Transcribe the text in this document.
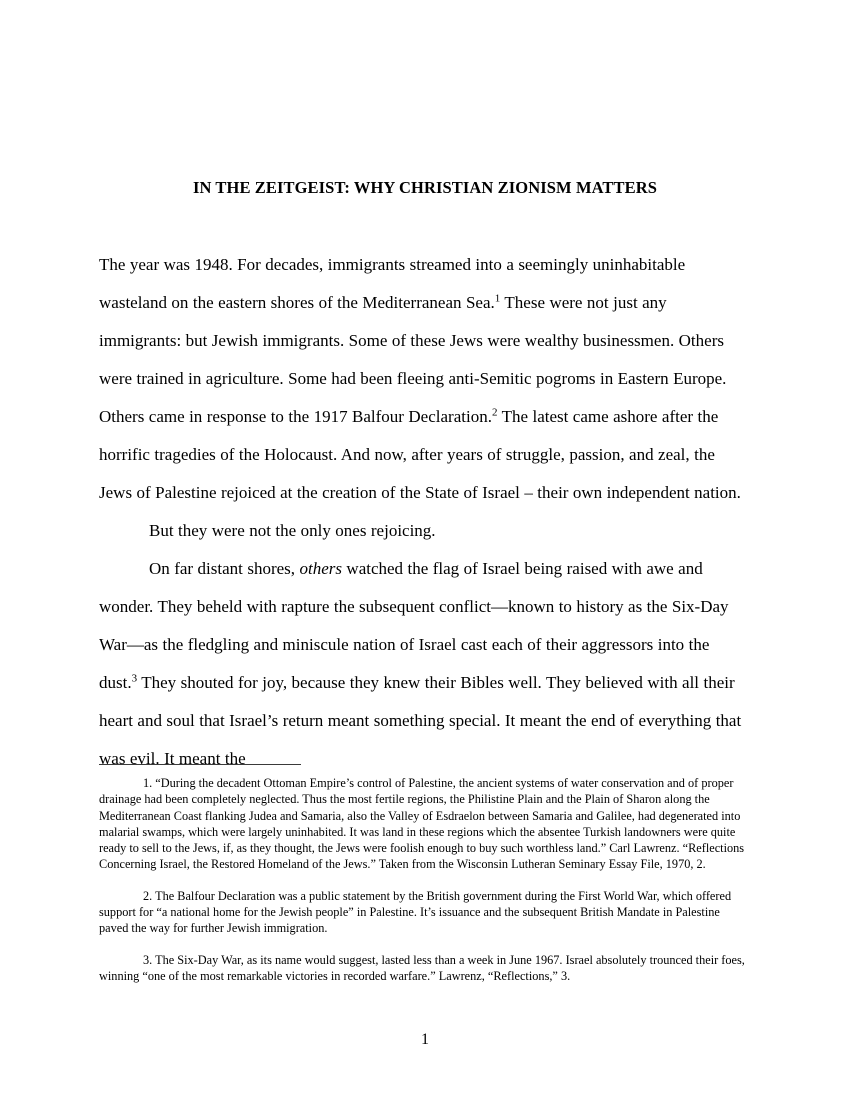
IN THE ZEITGEIST: WHY CHRISTIAN ZIONISM MATTERS

The year was 1948. For decades, immigrants streamed into a seemingly uninhabitable wasteland on the eastern shores of the Mediterranean Sea.$^1$ These were not just any immigrants: but Jewish immigrants. Some of these Jews were wealthy businessmen. Others were trained in agriculture. Some had been fleeing anti-Semitic pogroms in Eastern Europe. Others came in response to the 1917 Balfour Declaration.$^2$ The latest came ashore after the horrific tragedies of the Holocaust. And now, after years of struggle, passion, and zeal, the Jews of Palestine rejoiced at the creation of the State of Israel – their own independent nation.

But they were not the only ones rejoicing.

On far distant shores, others watched the flag of Israel being raised with awe and wonder. They beheld with rapture the subsequent conflict—known to history as the Six-Day War—as the fledgling and miniscule nation of Israel cast each of their aggressors into the dust.$^3$ They shouted for joy, because they knew their Bibles well. They believed with all their heart and soul that Israel’s return meant something special. It meant the end of everything that was evil. It meant the

1. “During the decadent Ottoman Empire’s control of Palestine, the ancient systems of water conservation and of proper drainage had been completely neglected. Thus the most fertile regions, the Philistine Plain and the Plain of Sharon along the Mediterranean Coast flanking Judea and Samaria, also the Valley of Esdraelon between Samaria and Galilee, had degenerated into malarial swamps, which were largely uninhabited. It was land in these regions which the absentee Turkish landowners were quite ready to sell to the Jews, if, as they thought, the Jews were foolish enough to buy such worthless land.” Carl Lawrenz. “Reflections Concerning Israel, the Restored Homeland of the Jews.” Taken from the Wisconsin Lutheran Seminary Essay File, 1970, 2.

2. The Balfour Declaration was a public statement by the British government during the First World War, which offered support for “a national home for the Jewish people” in Palestine. It’s issuance and the subsequent British Mandate in Palestine paved the way for further Jewish immigration.

3. The Six-Day War, as its name would suggest, lasted less than a week in June 1967. Israel absolutely trounced their foes, winning “one of the most remarkable victories in recorded warfare.” Lawrenz, “Reflections,” 3.

1
